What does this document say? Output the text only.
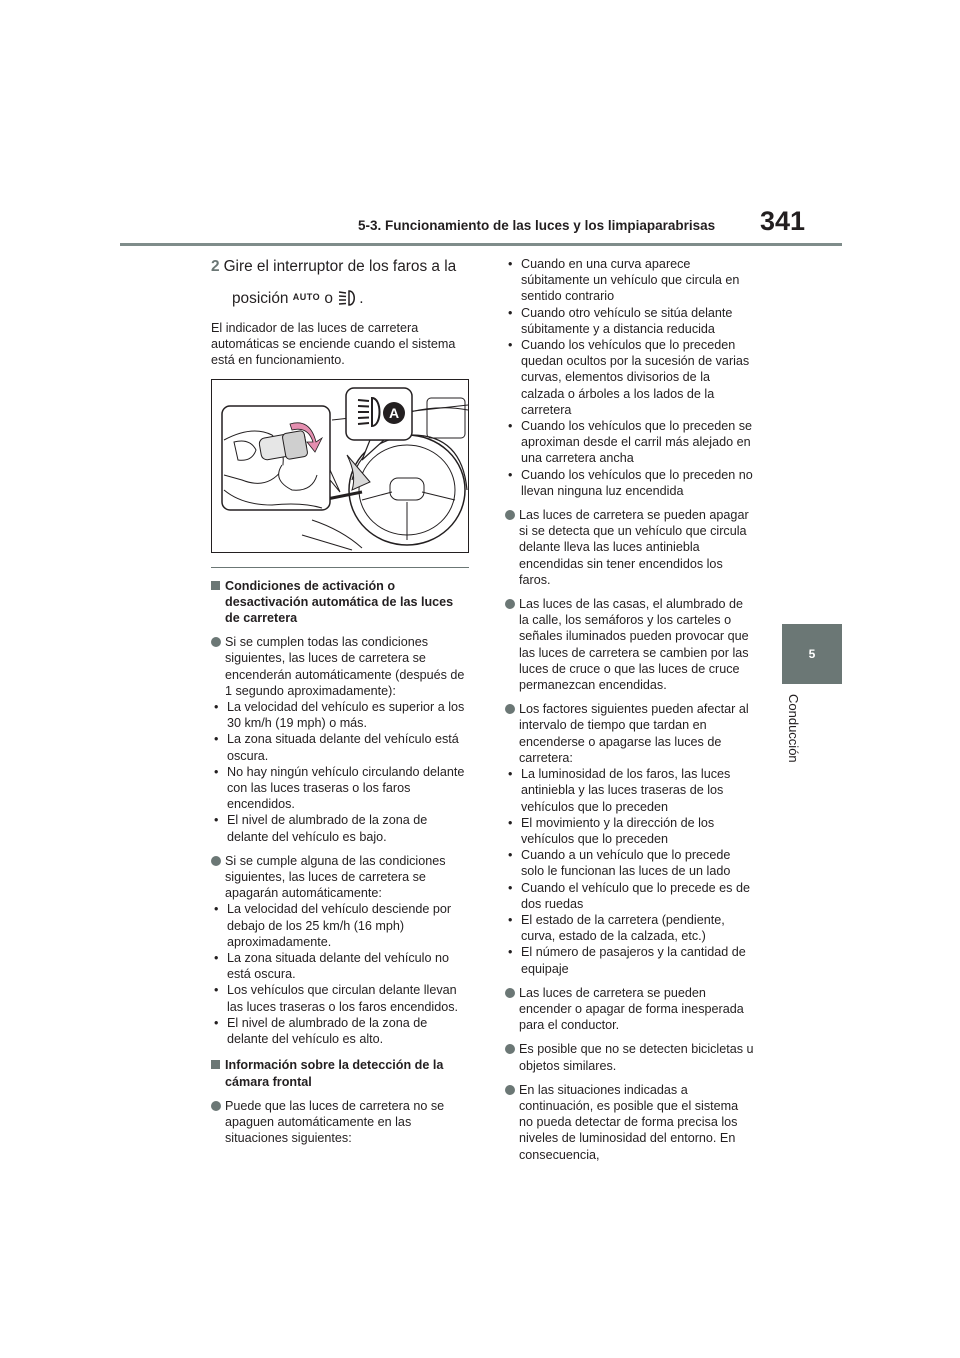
5-3. Funcionamiento de las luces y los limpiaparabrisas 341
5
Conducción
2 Gire el interruptor de los faros a la
posición AUTO o .

El indicador de las luces de carretera automáticas se enciende cuando el sistema está en funcionamiento.

A
Condiciones de activación o desactivación automática de las luces de carretera
Si se cumplen todas las condiciones siguientes, las luces de carretera se encenderán automáticamente (después de 1 segundo aproximadamente):
• La velocidad del vehículo es superior a los 30 km/h (19 mph) o más.
• La zona situada delante del vehículo está oscura.
• No hay ningún vehículo circulando delante con las luces traseras o los faros encendidos.
• El nivel de alumbrado de la zona de delante del vehículo es bajo.
Si se cumple alguna de las condiciones siguientes, las luces de carretera se apagarán automáticamente:
• La velocidad del vehículo desciende por debajo de los 25 km/h (16 mph) aproximadamente.
• La zona situada delante del vehículo no está oscura.
• Los vehículos que circulan delante llevan las luces traseras o los faros encendidos.
• El nivel de alumbrado de la zona de delante del vehículo es alto.
Información sobre la detección de la cámara frontal
Puede que las luces de carretera no se apaguen automáticamente en las situaciones siguientes:
• Cuando en una curva aparece súbitamente un vehículo que circula en sentido contrario
• Cuando otro vehículo se sitúa delante súbitamente y a distancia reducida
• Cuando los vehículos que lo preceden quedan ocultos por la sucesión de varias curvas, elementos divisorios de la calzada o árboles a los lados de la carretera
• Cuando los vehículos que lo preceden se aproximan desde el carril más alejado en una carretera ancha
• Cuando los vehículos que lo preceden no llevan ninguna luz encendida
Las luces de carretera se pueden apagar si se detecta que un vehículo que circula delante lleva las luces antiniebla encendidas sin tener encendidos los faros.
Las luces de las casas, el alumbrado de la calle, los semáforos y los carteles o señales iluminados pueden provocar que las luces de carretera se cambien por las luces de cruce o que las luces de cruce permanezcan encendidas.
Los factores siguientes pueden afectar al intervalo de tiempo que tardan en encenderse o apagarse las luces de carretera:
• La luminosidad de los faros, las luces antiniebla y las luces traseras de los vehículos que lo preceden
• El movimiento y la dirección de los vehículos que lo preceden
• Cuando a un vehículo que lo precede solo le funcionan las luces de un lado
• Cuando el vehículo que lo precede es de dos ruedas
• El estado de la carretera (pendiente, curva, estado de la calzada, etc.)
• El número de pasajeros y la cantidad de equipaje
Las luces de carretera se pueden encender o apagar de forma inesperada para el conductor.
Es posible que no se detecten bicicletas u objetos similares.
En las situaciones indicadas a continuación, es posible que el sistema no pueda detectar de forma precisa los niveles de luminosidad del entorno. En consecuencia,
